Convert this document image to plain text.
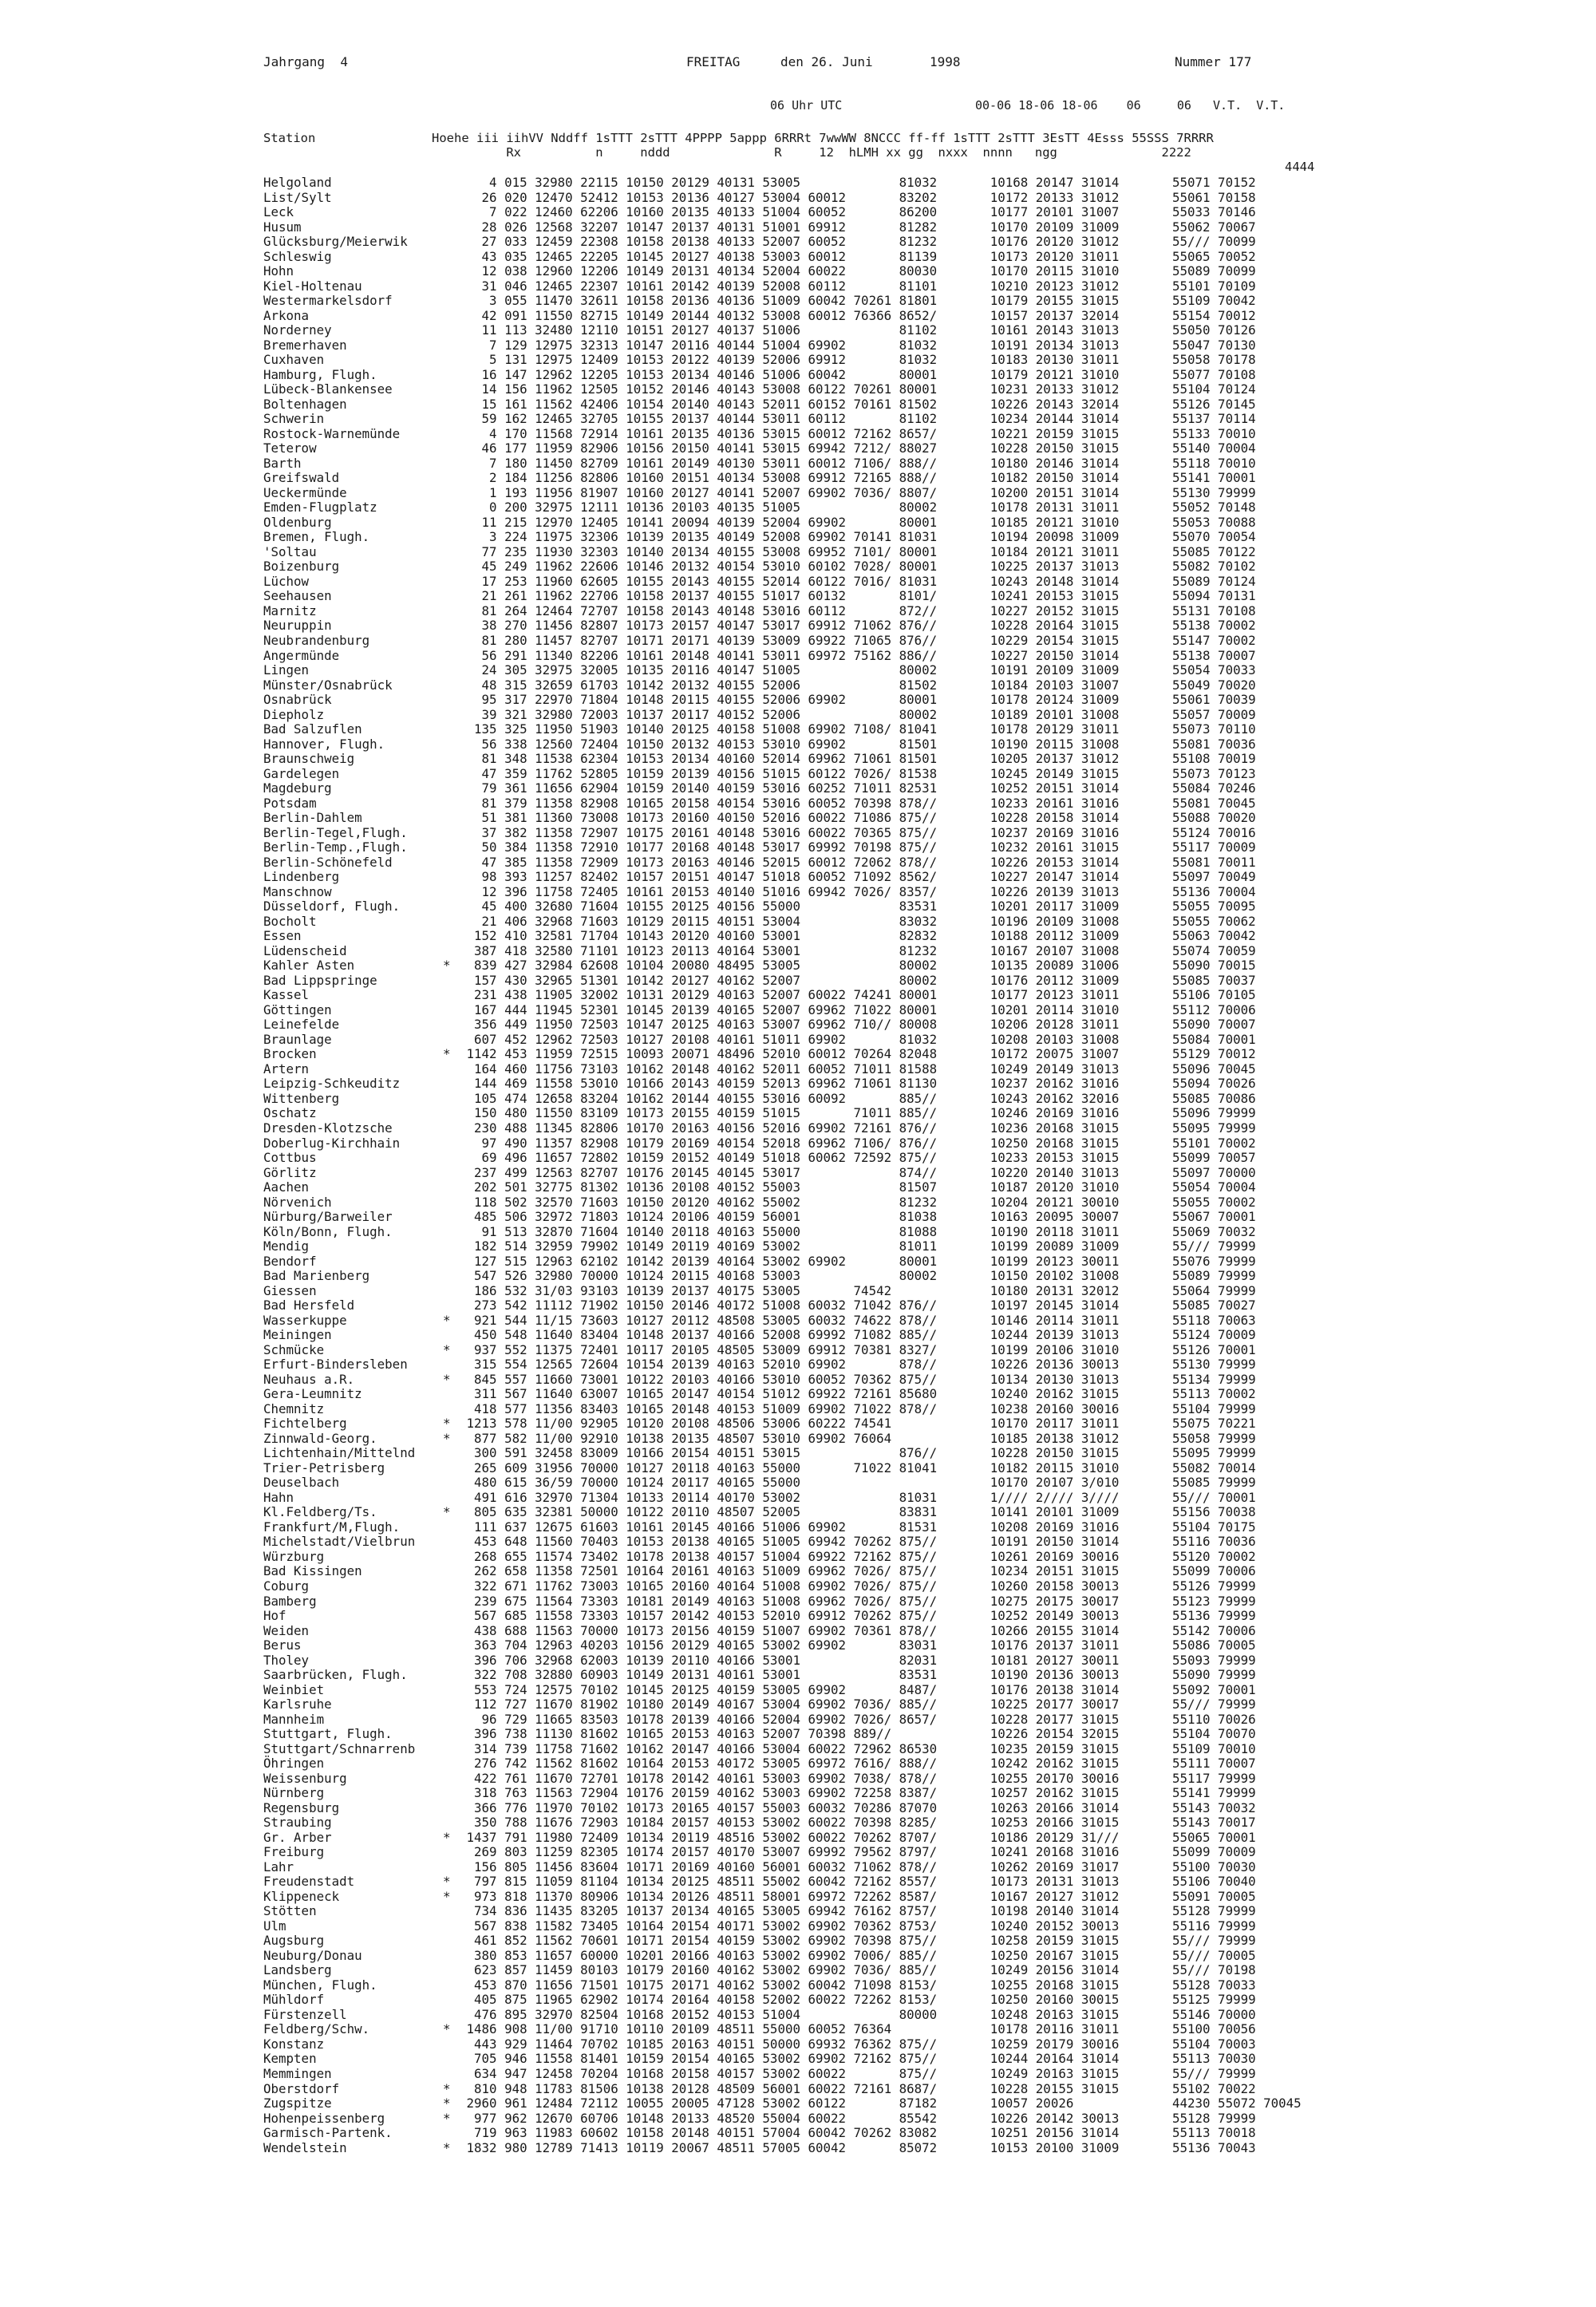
Jahrgang  4	FREITAG	den 26. Juni	1998	Nummer 177
06 Uhr UTC	00-06 18-06 18-06    06     06   V.T.  V.T.
Station	Hoehe iii iihVV Nddff 1sTTT 2sTTT 4PPPP 5appp 6RRRt 7wwWW 8NCCC ff-ff 1sTTT 2sTTT 3EsTT 4Esss 55SSS 7RRRR
Rx          n     nddd              R     12  hLMH xx gg  nxxx  nnnn   ngg              2222
4444
Helgoland	4 015 32980 22115 10150 20129 40131 53005             81032       10168 20147 31014       55071 70152
List/Sylt	26 020 12470 52412 10153 20136 40127 53004 60012       83202       10172 20133 31012       55061 70158
Leck	7 022 12460 62206 10160 20135 40133 51004 60052       86200       10177 20101 31007       55033 70146
Husum	28 026 12568 32207 10147 20137 40131 51001 69912       81282       10170 20109 31009       55062 70067
Glücksburg/Meierwik	27 033 12459 22308 10158 20138 40133 52007 60052       81232       10176 20120 31012       55/// 70099
Schleswig	43 035 12465 22205 10145 20127 40138 53003 60012       81139       10173 20120 31011       55065 70052
Hohn	12 038 12960 12206 10149 20131 40134 52004 60022       80030       10170 20115 31010       55089 70099
Kiel-Holtenau	31 046 12465 22307 10161 20142 40139 52008 60112       81101       10210 20123 31012       55101 70109
Westermarkelsdorf	3 055 11470 32611 10158 20136 40136 51009 60042 70261 81801       10179 20155 31015       55109 70042
Arkona	42 091 11550 82715 10149 20144 40132 53008 60012 76366 8652/       10157 20137 32014       55154 70012
Norderney	11 113 32480 12110 10151 20127 40137 51006             81102       10161 20143 31013       55050 70126
Bremerhaven	7 129 12975 32313 10147 20116 40144 51004 69902       81032       10191 20134 31013       55047 70130
Cuxhaven	5 131 12975 12409 10153 20122 40139 52006 69912       81032       10183 20130 31011       55058 70178
Hamburg, Flugh.	16 147 12962 12205 10153 20134 40146 51006 60042       80001       10179 20121 31010       55077 70108
Lübeck-Blankensee	14 156 11962 12505 10152 20146 40143 53008 60122 70261 80001       10231 20133 31012       55104 70124
Boltenhagen	15 161 11562 42406 10154 20140 40143 52011 60152 70161 81502       10226 20143 32014       55126 70145
Schwerin	59 162 12465 32705 10155 20137 40144 53011 60112       81102       10234 20144 31014       55137 70114
Rostock-Warnemünde	4 170 11568 72914 10161 20135 40136 53015 60012 72162 8657/       10221 20159 31015       55133 70010
Teterow	46 177 11959 82906 10156 20150 40141 53015 69942 7212/ 88027       10228 20150 31015       55140 70004
Barth	7 180 11450 82709 10161 20149 40130 53011 60012 7106/ 888//       10180 20146 31014       55118 70010
Greifswald	2 184 11256 82806 10160 20151 40134 53008 69912 72165 888//       10182 20150 31014       55141 70001
Ueckermünde	1 193 11956 81907 10160 20127 40141 52007 69902 7036/ 8807/       10200 20151 31014       55130 79999
Emden-Flugplatz	0 200 32975 12111 10136 20103 40135 51005             80002       10178 20131 31011       55052 70148
Oldenburg	11 215 12970 12405 10141 20094 40139 52004 69902       80001       10185 20121 31010       55053 70088
Bremen, Flugh.	3 224 11975 32306 10139 20135 40149 52008 69902 70141 81031       10194 20098 31009       55070 70054
'Soltau	77 235 11930 32303 10140 20134 40155 53008 69952 7101/ 80001       10184 20121 31011       55085 70122
Boizenburg	45 249 11962 22606 10146 20132 40154 53010 60102 7028/ 80001       10225 20137 31013       55082 70102
Lüchow	17 253 11960 62605 10155 20143 40155 52014 60122 7016/ 81031       10243 20148 31014       55089 70124
Seehausen	21 261 11962 22706 10158 20137 40155 51017 60132       8101/       10241 20153 31015       55094 70131
Marnitz	81 264 12464 72707 10158 20143 40148 53016 60112       872//       10227 20152 31015       55131 70108
Neuruppin	38 270 11456 82807 10173 20157 40147 53017 69912 71062 876//       10228 20164 31015       55138 70002
Neubrandenburg	81 280 11457 82707 10171 20171 40139 53009 69922 71065 876//       10229 20154 31015       55147 70002
Angermünde	56 291 11340 82206 10161 20148 40141 53011 69972 75162 886//       10227 20150 31014       55138 70007
Lingen	24 305 32975 32005 10135 20116 40147 51005             80002       10191 20109 31009       55054 70033
Münster/Osnabrück	48 315 32659 61703 10142 20132 40155 52006             81502       10184 20103 31007       55049 70020
Osnabrück	95 317 22970 71804 10148 20115 40155 52006 69902       80001       10178 20124 31009       55061 70039
Diepholz	39 321 32980 72003 10137 20117 40152 52006             80002       10189 20101 31008       55057 70009
Bad Salzuflen	135 325 11950 51903 10140 20125 40158 51008 69902 7108/ 81041       10178 20129 31011       55073 70110
Hannover, Flugh.	56 338 12560 72404 10150 20132 40153 53010 69902       81501       10190 20115 31008       55081 70036
Braunschweig	81 348 11538 62304 10153 20134 40160 52014 69962 71061 81501       10205 20137 31012       55108 70019
Gardelegen	47 359 11762 52805 10159 20139 40156 51015 60122 7026/ 81538       10245 20149 31015       55073 70123
Magdeburg	79 361 11656 62904 10159 20140 40159 53016 60252 71011 82531       10252 20151 31014       55084 70246
Potsdam	81 379 11358 82908 10165 20158 40154 53016 60052 70398 878//       10233 20161 31016       55081 70045
Berlin-Dahlem	51 381 11360 73008 10173 20160 40150 52016 60022 71086 875//       10228 20158 31014       55088 70020
Berlin-Tegel,Flugh.	37 382 11358 72907 10175 20161 40148 53016 60022 70365 875//       10237 20169 31016       55124 70016
Berlin-Temp.,Flugh.	50 384 11358 72910 10177 20168 40148 53017 69992 70198 875//       10232 20161 31015       55117 70009
Berlin-Schönefeld	47 385 11358 72909 10173 20163 40146 52015 60012 72062 878//       10226 20153 31014       55081 70011
Lindenberg	98 393 11257 82402 10157 20151 40147 51018 60052 71092 8562/       10227 20147 31014       55097 70049
Manschnow	12 396 11758 72405 10161 20153 40140 51016 69942 7026/ 8357/       10226 20139 31013       55136 70004
Düsseldorf, Flugh.	45 400 32680 71604 10155 20125 40156 55000             83531       10201 20117 31009       55055 70095
Bocholt	21 406 32968 71603 10129 20115 40151 53004             83032       10196 20109 31008       55055 70062
Essen	152 410 32581 71704 10143 20120 40160 53001             82832       10188 20112 31009       55063 70042
Lüdenscheid	387 418 32580 71101 10123 20113 40164 53001             81232       10167 20107 31008       55074 70059
Kahler Asten	* 839 427 32984 62608 10104 20080 48495 53005             80002       10135 20089 31006       55090 70015
Bad Lippspringe	157 430 32965 51301 10142 20127 40162 52007             80002       10176 20112 31009       55085 70037
Kassel	231 438 11905 32002 10131 20129 40163 52007 60022 74241 80001       10177 20123 31011       55106 70105
Göttingen	167 444 11945 52301 10145 20139 40165 52007 69962 71022 80001       10201 20114 31010       55112 70006
Leinefelde	356 449 11950 72503 10147 20125 40163 53007 69962 710// 80008       10206 20128 31011       55090 70007
Braunlage	607 452 12962 72503 10127 20108 40161 51011 69902       81032       10208 20103 31008       55084 70001
Brocken	* 1142 453 11959 72515 10093 20071 48496 52010 60012 70264 82048       10172 20075 31007       55129 70012
Artern	164 460 11756 73103 10162 20148 40162 52011 60052 71011 81588       10249 20149 31013       55096 70045
Leipzig-Schkeuditz	144 469 11558 53010 10166 20143 40159 52013 69962 71061 81130       10237 20162 31016       55094 70026
Wittenberg	105 474 12658 83204 10162 20144 40155 53016 60092       885//       10243 20162 32016       55085 70086
Oschatz	150 480 11550 83109 10173 20155 40159 51015       71011 885//       10246 20169 31016       55096 79999
Dresden-Klotzsche	230 488 11345 82806 10170 20163 40156 52016 69902 72161 876//       10236 20168 31015       55095 79999
Doberlug-Kirchhain	97 490 11357 82908 10179 20169 40154 52018 69962 7106/ 876//       10250 20168 31015       55101 70002
Cottbus	69 496 11657 72802 10159 20152 40149 51018 60062 72592 875//       10233 20153 31015       55099 70057
Görlitz	237 499 12563 82707 10176 20145 40145 53017             874//       10220 20140 31013       55097 70000
Aachen	202 501 32775 81302 10136 20108 40152 55003             81507       10187 20120 31010       55054 70004
Nörvenich	118 502 32570 71603 10150 20120 40162 55002             81232       10204 20121 30010       55055 70002
Nürburg/Barweiler	485 506 32972 71803 10124 20106 40159 56001             81038       10163 20095 30007       55067 70001
Köln/Bonn, Flugh.	91 513 32870 71604 10140 20118 40163 55000             81088       10190 20118 31011       55069 70032
Mendig	182 514 32959 79902 10149 20119 40169 53002             81011       10199 20089 31009       55/// 79999
Bendorf	127 515 12963 62102 10142 20139 40164 53002 69902       80001       10199 20123 30011       55076 79999
Bad Marienberg	547 526 32980 70000 10124 20115 40168 53003             80002       10150 20102 31008       55089 79999
Giessen	186 532 31/03 93103 10139 20137 40175 53005       74542             10180 20131 32012       55064 79999
Bad Hersfeld	273 542 11112 71902 10150 20146 40172 51008 60032 71042 876//       10197 20145 31014       55085 70027
Wasserkuppe	* 921 544 11/15 73603 10127 20112 48508 53005 60032 74622 878//       10146 20114 31011       55118 70063
Meiningen	450 548 11640 83404 10148 20137 40166 52008 69992 71082 885//       10244 20139 31013       55124 70009
Schmücke	* 937 552 11375 72401 10117 20105 48505 53009 69912 70381 8327/       10199 20106 31010       55126 70001
Erfurt-Bindersleben	315 554 12565 72604 10154 20139 40163 52010 69902       878//       10226 20136 30013       55130 79999
Neuhaus a.R.	* 845 557 11660 73001 10122 20103 40166 53010 60052 70362 875//       10134 20130 31013       55134 79999
Gera-Leumnitz	311 567 11640 63007 10165 20147 40154 51012 69922 72161 85680       10240 20162 31015       55113 70002
Chemnitz	418 577 11356 83403 10165 20148 40153 51009 69902 71022 878//       10238 20160 30016       55104 79999
Fichtelberg	* 1213 578 11/00 92905 10120 20108 48506 53006 60222 74541             10170 20117 31011       55075 70221
Zinnwald-Georg.	* 877 582 11/00 92910 10138 20135 48507 53010 69902 76064             10185 20138 31012       55058 79999
Lichtenhain/Mittelnd	300 591 32458 83009 10166 20154 40151 53015             876//       10228 20150 31015       55095 79999
Trier-Petrisberg	265 609 31956 70000 10127 20118 40163 55000       71022 81041       10182 20115 31010       55082 70014
Deuselbach	480 615 36/59 70000 10124 20117 40165 55000                         10170 20107 3/010       55085 79999
Hahn	491 616 32970 71304 10133 20114 40170 53002             81031       1//// 2//// 3////       55/// 70001
Kl.Feldberg/Ts.	* 805 635 32381 50000 10122 20110 48507 52005             83831       10141 20101 31009       55156 70038
Frankfurt/M,Flugh.	111 637 12675 61603 10161 20145 40166 51006 69902       81531       10208 20169 31016       55104 70175
Michelstadt/Vielbrun	453 648 11560 70403 10153 20138 40165 51005 69942 70262 875//       10191 20150 31014       55116 70036
Würzburg	268 655 11574 73402 10178 20138 40157 51004 69922 72162 875//       10261 20169 30016       55120 70002
Bad Kissingen	262 658 11358 72501 10164 20161 40163 51009 69962 7026/ 875//       10234 20151 31015       55099 70006
Coburg	322 671 11762 73003 10165 20160 40164 51008 69902 7026/ 875//       10260 20158 30013       55126 79999
Bamberg	239 675 11564 73303 10181 20149 40163 51008 69962 7026/ 875//       10275 20175 30017       55123 79999
Hof	567 685 11558 73303 10157 20142 40153 52010 69912 70262 875//       10252 20149 30013       55136 79999
Weiden	438 688 11563 70000 10173 20156 40159 51007 69902 70361 878//       10266 20155 31014       55142 70006
Berus	363 704 12963 40203 10156 20129 40165 53002 69902       83031       10176 20137 31011       55086 70005
Tholey	396 706 32968 62003 10139 20110 40166 53001             82031       10181 20127 30011       55093 79999
Saarbrücken, Flugh.	322 708 32880 60903 10149 20131 40161 53001             83531       10190 20136 30013       55090 79999
Weinbiet	553 724 12575 70102 10145 20125 40159 53005 69902       8487/       10176 20138 31014       55092 70001
Karlsruhe	112 727 11670 81902 10180 20149 40167 53004 69902 7036/ 885//       10225 20177 30017       55/// 79999
Mannheim	96 729 11665 83503 10178 20139 40166 52004 69902 7026/ 8657/       10228 20177 31015       55110 70026
Stuttgart, Flugh.	396 738 11130 81602 10165 20153 40163 52007 70398 889//             10226 20154 32015       55104 70070
Stuttgart/Schnarrenb	314 739 11758 71602 10162 20147 40166 53004 60022 72962 86530       10235 20159 31015       55109 70010
Öhringen	276 742 11562 81602 10164 20153 40172 53005 69972 7616/ 888//       10242 20162 31015       55111 70007
Weissenburg	422 761 11670 72701 10178 20142 40161 53003 69902 7038/ 878//       10255 20170 30016       55117 79999
Nürnberg	318 763 11563 72904 10176 20159 40162 53003 69902 72258 8387/       10257 20162 31015       55141 79999
Regensburg	366 776 11970 70102 10173 20165 40157 55003 60032 70286 87070       10263 20166 31014       55143 70032
Straubing	350 788 11676 72903 10184 20157 40153 53002 60022 70398 8285/       10253 20166 31015       55143 70017
Gr. Arber	* 1437 791 11980 72409 10134 20119 48516 53002 60022 70262 8707/       10186 20129 31///       55065 70001
Freiburg	269 803 11259 82305 10174 20157 40170 53007 69992 79562 8797/       10241 20168 31016       55099 70009
Lahr	156 805 11456 83604 10171 20169 40160 56001 60032 71062 878//       10262 20169 31017       55100 70030
Freudenstadt	* 797 815 11059 81104 10134 20125 48511 55002 60042 72162 8557/       10173 20131 31013       55106 70040
Klippeneck	* 973 818 11370 80906 10134 20126 48511 58001 69972 72262 8587/       10167 20127 31012       55091 70005
Stötten	734 836 11435 83205 10137 20134 40165 53005 69942 76162 8757/       10198 20140 31014       55128 79999
Ulm	567 838 11582 73405 10164 20154 40171 53002 69902 70362 8753/       10240 20152 30013       55116 79999
Augsburg	461 852 11562 70601 10171 20154 40159 53002 69902 70398 875//       10258 20159 31015       55/// 79999
Neuburg/Donau	380 853 11657 60000 10201 20166 40163 53002 69902 7006/ 885//       10250 20167 31015       55/// 70005
Landsberg	623 857 11459 80103 10179 20160 40162 53002 69902 7036/ 885//       10249 20156 31014       55/// 70198
München, Flugh.	453 870 11656 71501 10175 20171 40162 53002 60042 71098 8153/       10255 20168 31015       55128 70033
Mühldorf	405 875 11965 62902 10174 20164 40158 52002 60022 72262 8153/       10250 20160 30015       55125 79999
Fürstenzell	476 895 32970 82504 10168 20152 40153 51004             80000       10248 20163 31015       55146 70000
Feldberg/Schw.	* 1486 908 11/00 91710 10110 20109 48511 55000 60052 76364             10178 20116 31011       55100 70056
Konstanz	443 929 11464 70702 10185 20163 40151 50000 69932 76362 875//       10259 20179 30016       55104 70003
Kempten	705 946 11558 81401 10159 20154 40165 53002 69902 72162 875//       10244 20164 31014       55113 70030
Memmingen	634 947 12458 70204 10168 20158 40157 53002 60022       875//       10249 20163 31015       55/// 79999
Oberstdorf	* 810 948 11783 81506 10138 20128 48509 56001 60022 72161 8687/       10228 20155 31015       55102 70022
Zugspitze	* 2960 961 12484 72112 10055 20005 47128 53002 60122       87182       10057 20026             44230 55072 70045
Hohenpeissenberg	* 977 962 12670 60706 10148 20133 48520 55004 60022       85542       10226 20142 30013       55128 79999
Garmisch-Partenk.	719 963 11983 60602 10158 20148 40151 57004 60042 70262 83082       10251 20156 31014       55113 70018
Wendelstein	* 1832 980 12789 71413 10119 20067 48511 57005 60042       85072       10153 20100 31009       55136 70043
